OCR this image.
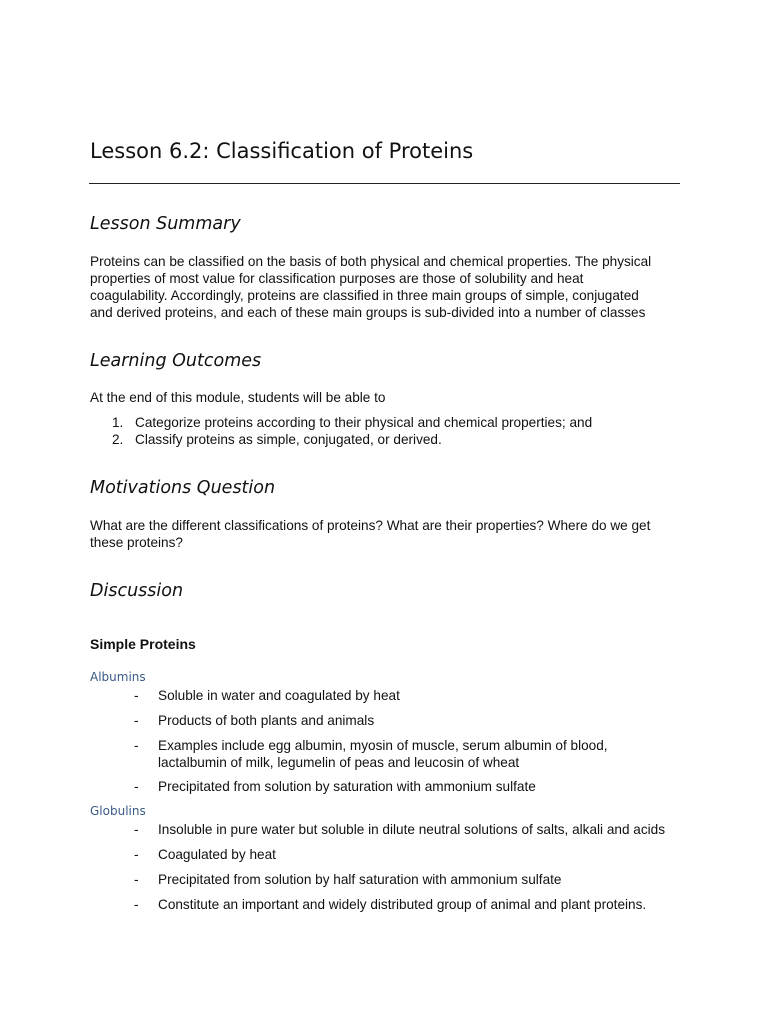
Lesson 6.2: Classification of Proteins
Lesson Summary

Proteins can be classified on the basis of both physical and chemical properties. The physical
properties of most value for classification purposes are those of solubility and heat
coagulability. Accordingly, proteins are classified in three main groups of simple, conjugated
and derived proteins, and each of these main groups is sub-divided into a number of classes

Learning Outcomes

At the end of this module, students will be able to

1. Categorize proteins according to their physical and chemical properties; and
2. Classify proteins as simple, conjugated, or derived.
Motivations Question

What are the different classifications of proteins? What are their properties? Where do we get
these proteins?

Discussion
Simple Proteins
Albumins
- Soluble in water and coagulated by heat
- Products of both plants and animals
- Examples include egg albumin, myosin of muscle, serum albumin of blood,
lactalbumin of milk, legumelin of peas and leucosin of wheat
- Precipitated from solution by saturation with ammonium sulfate
Globulins
- Insoluble in pure water but soluble in dilute neutral solutions of salts, alkali and acids
- Coagulated by heat
- Precipitated from solution by half saturation with ammonium sulfate
- Constitute an important and widely distributed group of animal and plant proteins.
